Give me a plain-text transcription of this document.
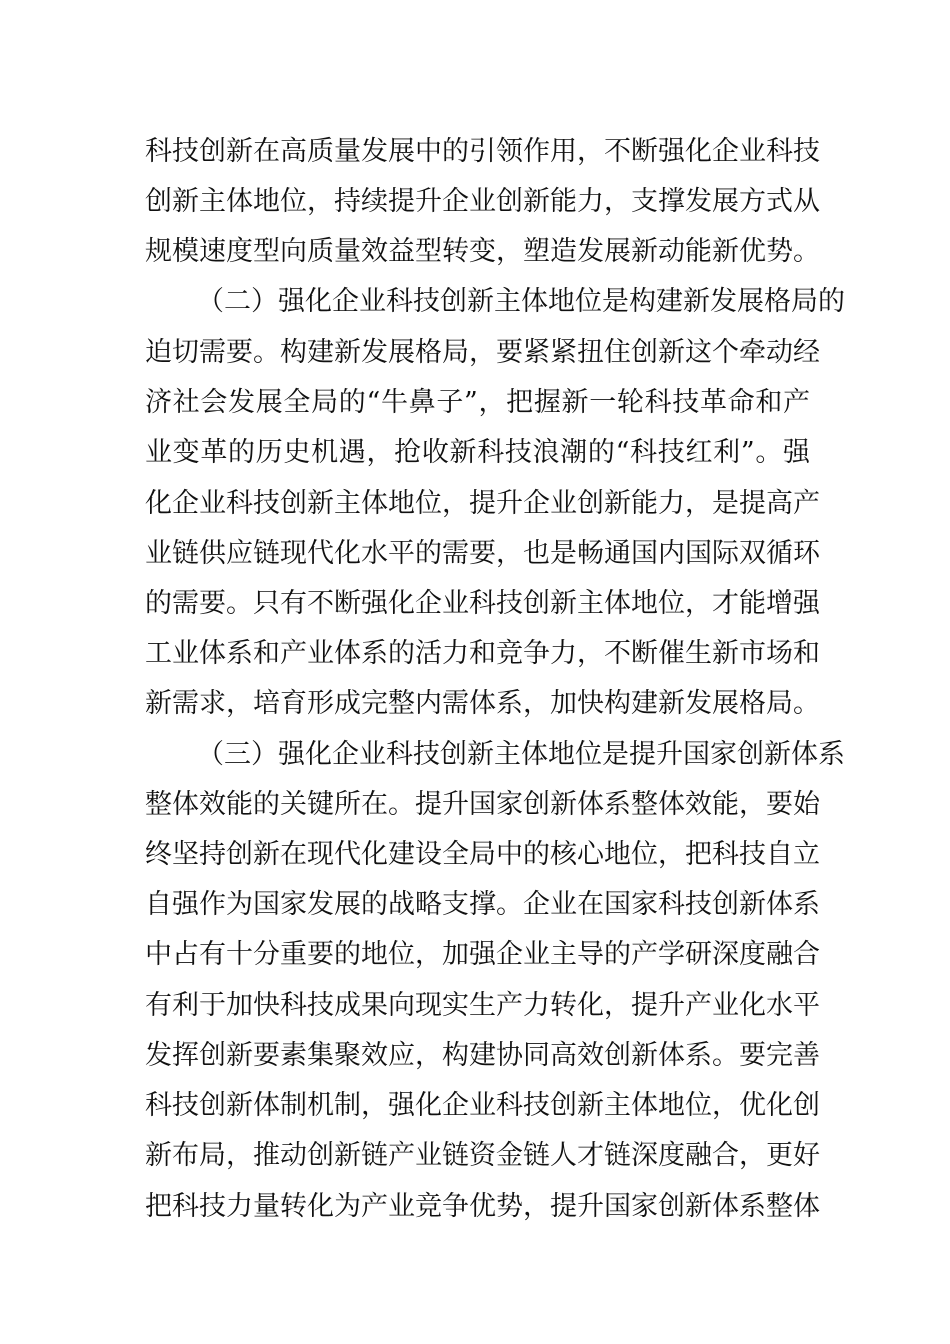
科技创新在高质量发展中的引领作用，不断强化企业科技
创新主体地位，持续提升企业创新能力，支撑发展方式从
规模速度型向质量效益型转变，塑造发展新动能新优势。
（二）强化企业科技创新主体地位是构建新发展格局的
迫切需要。构建新发展格局，要紧紧扭住创新这个牵动经
济社会发展全局的“牛鼻子”，把握新一轮科技革命和产
业变革的历史机遇，抢收新科技浪潮的“科技红利”。强
化企业科技创新主体地位，提升企业创新能力，是提高产
业链供应链现代化水平的需要，也是畅通国内国际双循环
的需要。只有不断强化企业科技创新主体地位，才能增强
工业体系和产业体系的活力和竞争力，不断催生新市场和
新需求，培育形成完整内需体系，加快构建新发展格局。
（三）强化企业科技创新主体地位是提升国家创新体系
整体效能的关键所在。提升国家创新体系整体效能，要始
终坚持创新在现代化建设全局中的核心地位，把科技自立
自强作为国家发展的战略支撑。企业在国家科技创新体系
中占有十分重要的地位，加强企业主导的产学研深度融合
有利于加快科技成果向现实生产力转化，提升产业化水平
发挥创新要素集聚效应，构建协同高效创新体系。要完善
科技创新体制机制，强化企业科技创新主体地位，优化创
新布局，推动创新链产业链资金链人才链深度融合，更好
把科技力量转化为产业竞争优势，提升国家创新体系整体
